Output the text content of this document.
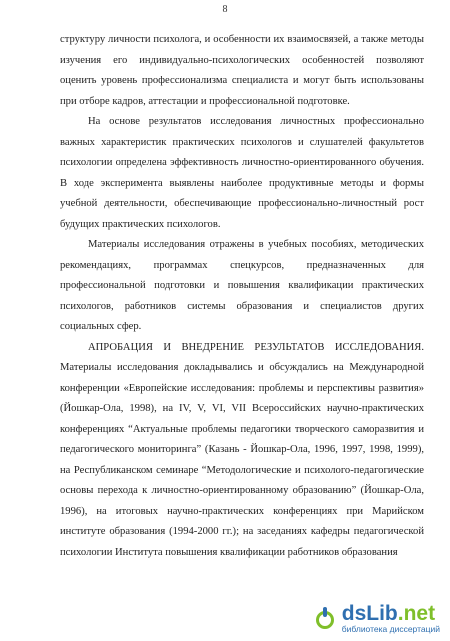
8

структуру личности психолога, и особенности их взаимосвязей, а также методы изучения его индивидуально-психологических особенностей позволяют оценить уровень профессионализма специалиста и могут быть использованы при отборе кадров, аттестации и профессиональной подготовке.

На основе результатов исследования личностных профессионально важных характеристик практических психологов и слушателей факультетов психологии определена эффективность личностно-ориентированного обучения. В ходе эксперимента выявлены наиболее продуктивные методы и формы учебной деятельности, обеспечивающие профессионально-личностный рост будущих практических психологов.

Материалы исследования отражены в учебных пособиях, методических рекомендациях, программах спецкурсов, предназначенных для профессиональной подготовки и повышения квалификации практических психологов, работников системы образования и специалистов других социальных сфер.

АПРОБАЦИЯ И ВНЕДРЕНИЕ РЕЗУЛЬТАТОВ ИССЛЕДОВАНИЯ. Материалы исследования докладывались и обсуждались на Международной конференции «Европейские исследования: проблемы и перспективы развития» (Йошкар-Ола, 1998), на IV, V, VI, VII Всероссийских научно-практических конференциях “Актуальные проблемы педагогики творческого саморазвития и педагогического мониторинга” (Казань - Йошкар-Ола, 1996, 1997, 1998, 1999), на Республиканском семинаре “Методологические и психолого-педагогические основы перехода к личностно-ориентированному образованию” (Йошкар-Ола, 1996), на итоговых научно-практических конференциях при Марийском институте образования (1994-2000 гг.); на заседаниях кафедры педагогической психологии Института повышения квалификации работников образования

dsLib.net
библиотека диссертаций
